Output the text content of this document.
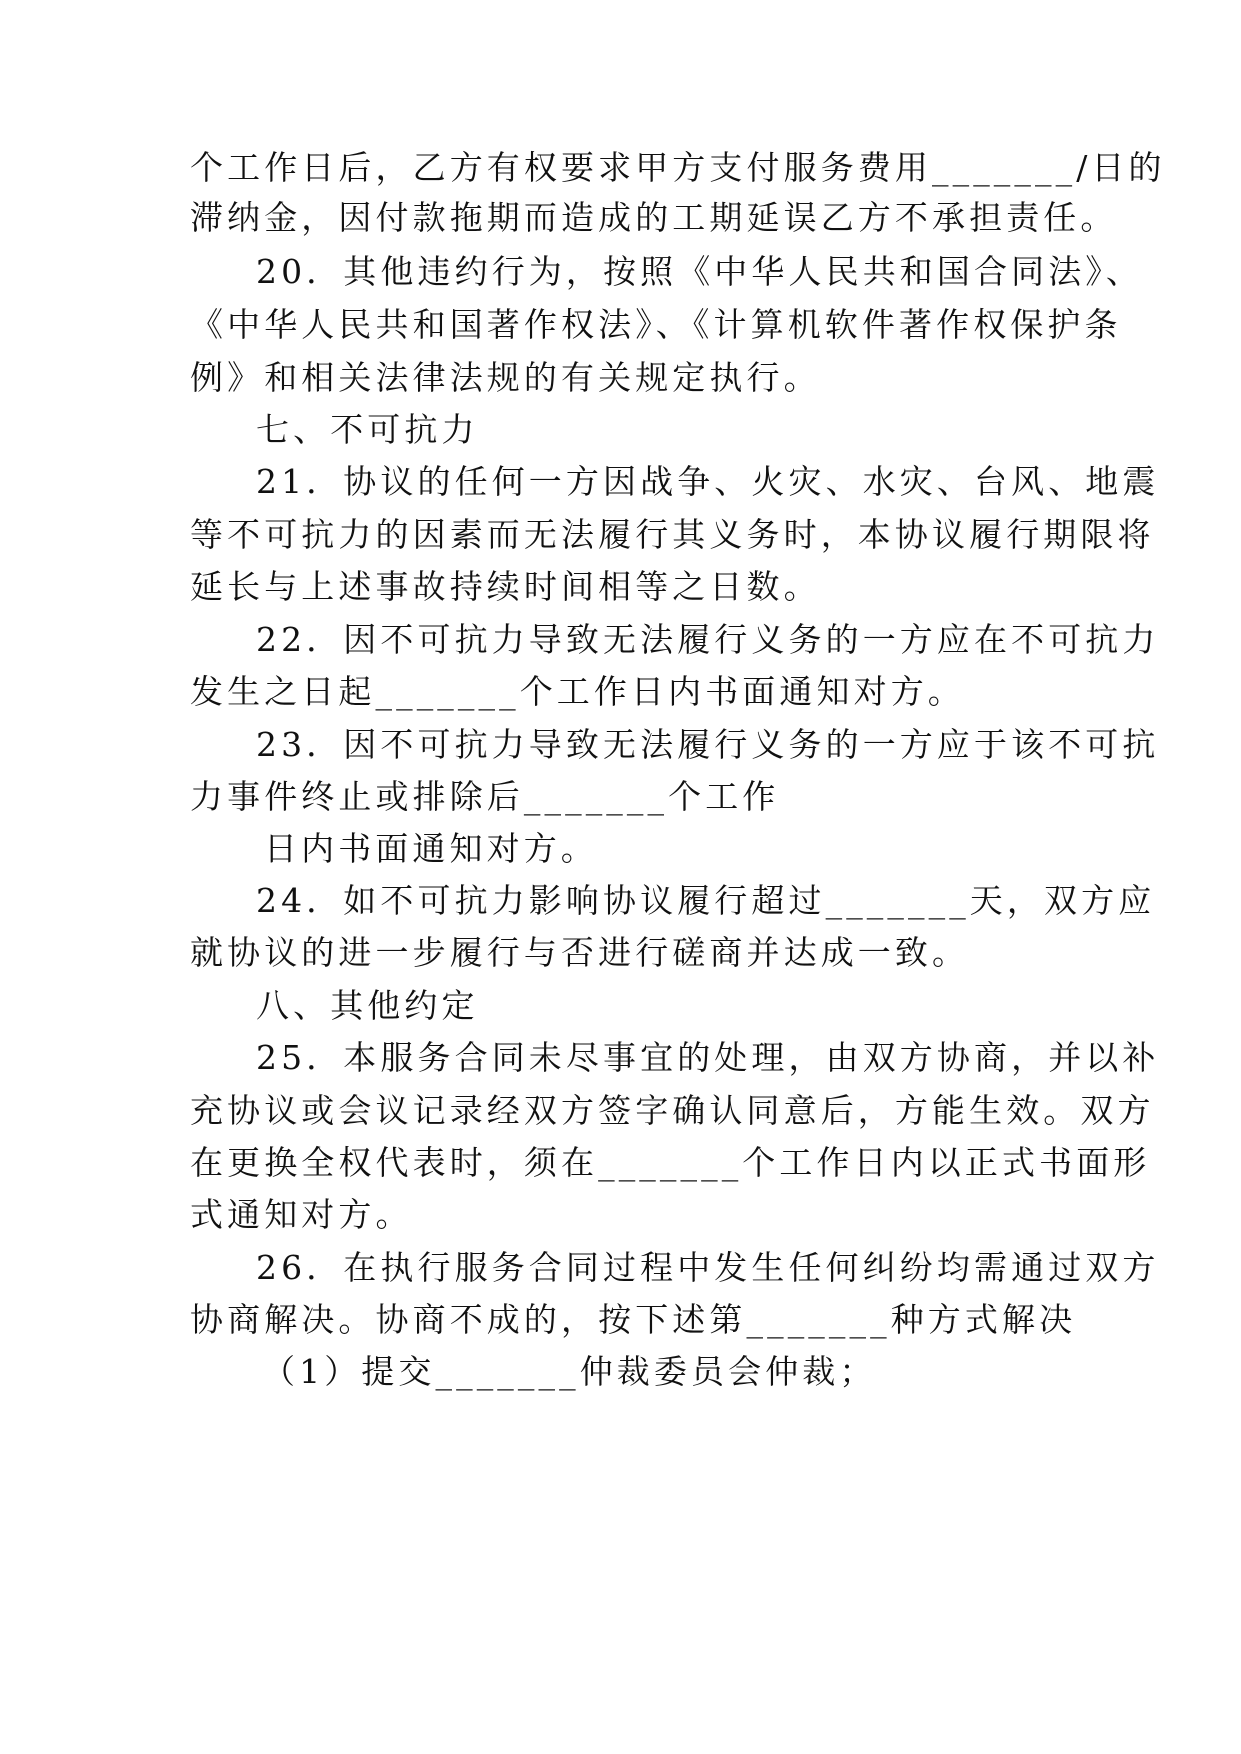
个工作日后，乙方有权要求甲方支付服务费用_______/日的
滞纳金，因付款拖期而造成的工期延误乙方不承担责任。
20．其他违约行为，按照《中华人民共和国合同法》、
《中华人民共和国著作权法》、《计算机软件著作权保护条
例》和相关法律法规的有关规定执行。
七、不可抗力
21．协议的任何一方因战争、火灾、水灾、台风、地震
等不可抗力的因素而无法履行其义务时，本协议履行期限将
延长与上述事故持续时间相等之日数。
22．因不可抗力导致无法履行义务的一方应在不可抗力
发生之日起_______个工作日内书面通知对方。
23．因不可抗力导致无法履行义务的一方应于该不可抗
力事件终止或排除后_______个工作
日内书面通知对方。
24．如不可抗力影响协议履行超过_______天，双方应
就协议的进一步履行与否进行磋商并达成一致。
八、其他约定
25．本服务合同未尽事宜的处理，由双方协商，并以补
充协议或会议记录经双方签字确认同意后，方能生效。双方
在更换全权代表时，须在_______个工作日内以正式书面形
式通知对方。
26．在执行服务合同过程中发生任何纠纷均需通过双方
协商解决。协商不成的，按下述第_______种方式解决
（1）提交_______仲裁委员会仲裁；
